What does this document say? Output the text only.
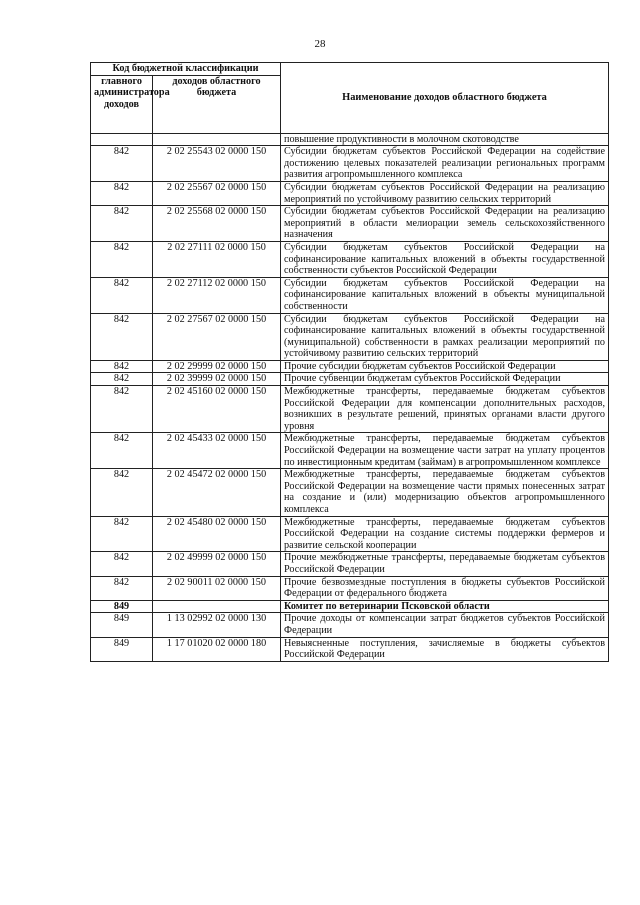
28
Код бюджетной классификации		Наименование доходов областного бюджета
главного администратора доходов	доходов областного бюджета	
		повышение продуктивности в молочном скотоводстве
842	2 02 25543 02 0000 150	Субсидии бюджетам субъектов Российской Федерации на содействие достижению целевых показателей реализации региональных программ развития агропромышленного комплекса
842	2 02 25567 02 0000 150	Субсидии бюджетам субъектов Российской Федерации на реализацию мероприятий по устойчивому развитию сельских территорий
842	2 02 25568 02 0000 150	Субсидии бюджетам субъектов Российской Федерации на реализацию мероприятий в области мелиорации земель сельскохозяйственного назначения
842	2 02 27111 02 0000 150	Субсидии бюджетам субъектов Российской Федерации на софинансирование капитальных вложений в объекты государственной собственности субъектов Российской Федерации
842	2 02 27112 02 0000 150	Субсидии бюджетам субъектов Российской Федерации на софинансирование капитальных вложений в объекты муниципальной собственности
842	2 02 27567 02 0000 150	Субсидии бюджетам субъектов Российской Федерации на софинансирование капитальных вложений в объекты государственной (муниципальной) собственности в рамках реализации мероприятий по устойчивому развитию сельских территорий
842	2 02 29999 02 0000 150	Прочие субсидии бюджетам субъектов Российской Федерации
842	2 02 39999 02 0000 150	Прочие субвенции бюджетам субъектов Российской Федерации
842	2 02 45160 02 0000 150	Межбюджетные трансферты, передаваемые бюджетам субъектов Российской Федерации для компенсации дополнительных расходов, возникших в результате решений, принятых органами власти другого уровня
842	2 02 45433 02 0000 150	Межбюджетные трансферты, передаваемые бюджетам субъектов Российской Федерации на возмещение части затрат на уплату процентов по инвестиционным кредитам (займам) в агропромышленном комплексе
842	2 02 45472 02 0000 150	Межбюджетные трансферты, передаваемые бюджетам субъектов Российской Федерации на возмещение части прямых понесенных затрат на создание и (или) модернизацию объектов агропромышленного комплекса
842	2 02 45480 02 0000 150	Межбюджетные трансферты, передаваемые бюджетам субъектов Российской Федерации на создание системы поддержки фермеров и развитие сельской кооперации
842	2 02 49999 02 0000 150	Прочие межбюджетные трансферты, передаваемые бюджетам субъектов Российской Федерации
842	2 02 90011 02 0000 150	Прочие безвозмездные поступления в бюджеты субъектов Российской Федерации от федерального бюджета
849		Комитет по ветеринарии Псковской области
849	1 13 02992 02 0000 130	Прочие доходы от компенсации затрат бюджетов субъектов Российской Федерации
849	1 17 01020 02 0000 180	Невыясненные поступления, зачисляемые в бюджеты субъектов Российской Федерации
